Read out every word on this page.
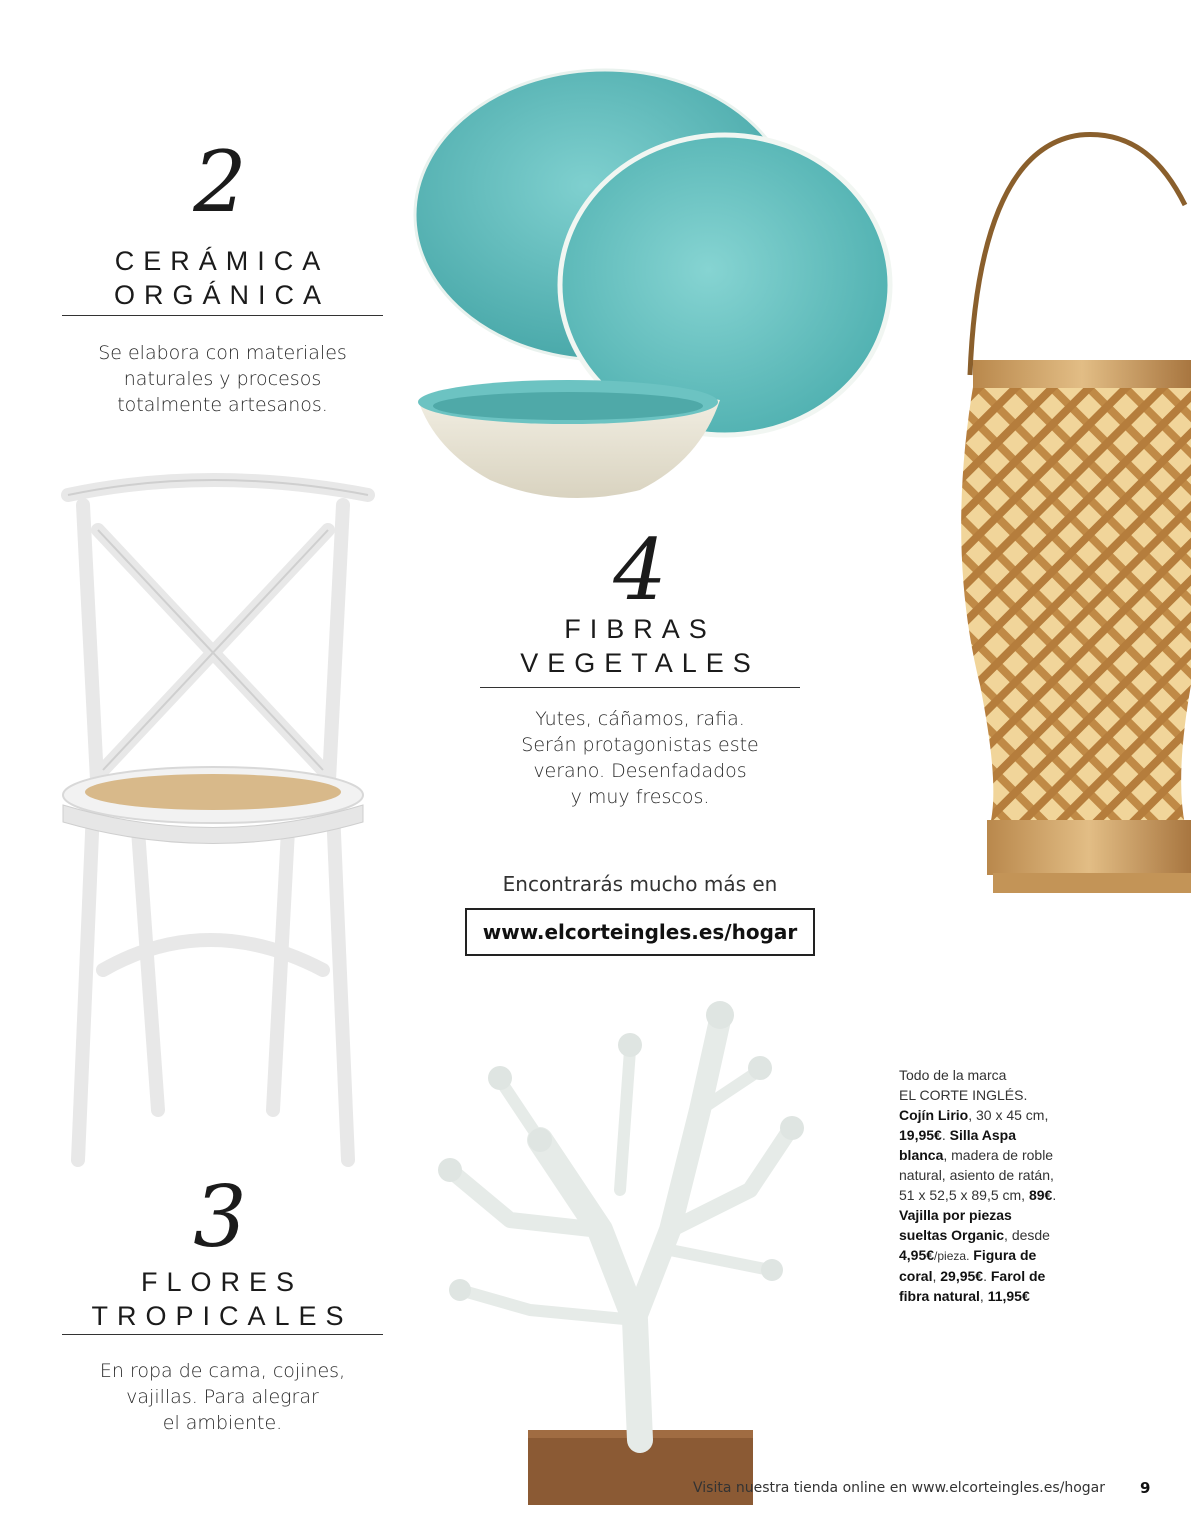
2
CERÁMICA
ORGÁNICA
Se elabora con materiales
naturales y procesos
totalmente artesanos.
4
FIBRAS
VEGETALES
Yutes, cáñamos, rafia.
Serán protagonistas este
verano. Desenfadados
y muy frescos.
Encontrarás mucho más en
www.elcorteingles.es/hogar
3
FLORES
TROPICALES
En ropa de cama, cojines,
vajillas. Para alegrar
el ambiente.
Todo de la marca
EL CORTE INGLÉS.
Cojín Lirio, 30 x 45 cm,
19,95€. Silla Aspa
blanca, madera de roble
natural, asiento de ratán,
51 x 52,5 x 89,5 cm, 89€.
Vajilla por piezas
sueltas Organic, desde
4,95€/pieza. Figura de
coral, 29,95€. Farol de
fibra natural, 11,95€
Visita nuestra tienda online en www.elcorteingles.es/hogar 9
